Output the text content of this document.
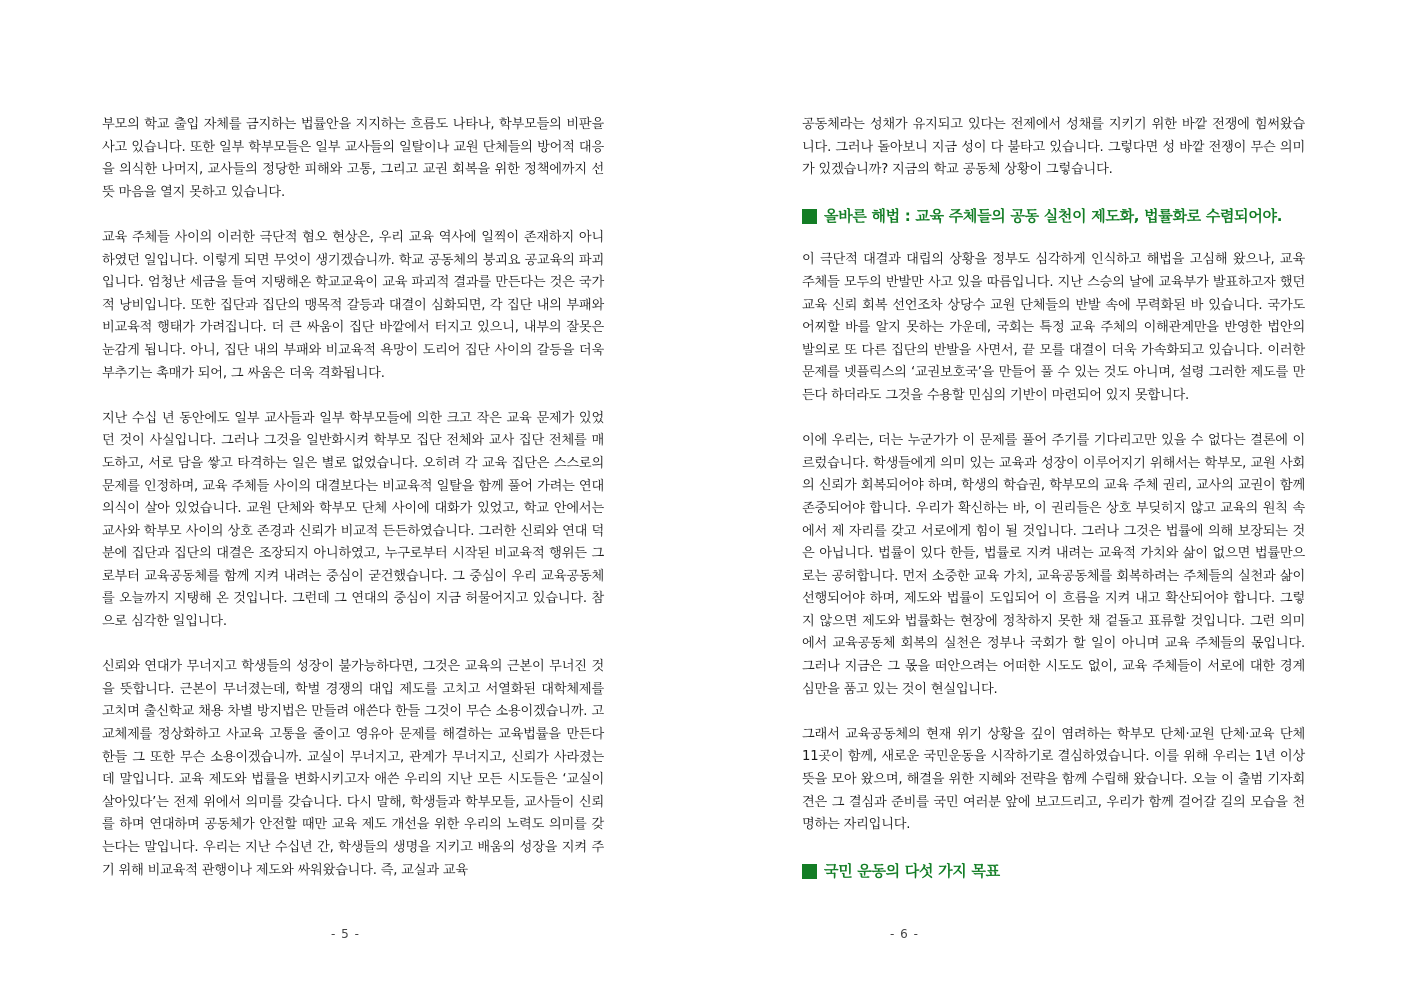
부모의 학교 출입 자체를 금지하는 법률안을 지지하는 흐름도 나타나, 학부모들의 비판을 사고 있습니다. 또한 일부 학부모들은 일부 교사들의 일탈이나 교원 단체들의 방어적 대응을 의식한 나머지, 교사들의 정당한 피해와 고통, 그리고 교권 회복을 위한 정책에까지 선뜻 마음을 열지 못하고 있습니다.

교육 주체들 사이의 이러한 극단적 혐오 현상은, 우리 교육 역사에 일찍이 존재하지 아니하였던 일입니다. 이렇게 되면 무엇이 생기겠습니까. 학교 공동체의 붕괴요 공교육의 파괴입니다. 엄청난 세금을 들여 지탱해온 학교교육이 교육 파괴적 결과를 만든다는 것은 국가적 낭비입니다. 또한 집단과 집단의 맹목적 갈등과 대결이 심화되면, 각 집단 내의 부패와 비교육적 행태가 가려집니다. 더 큰 싸움이 집단 바깥에서 터지고 있으니, 내부의 잘못은 눈감게 됩니다. 아니, 집단 내의 부패와 비교육적 욕망이 도리어 집단 사이의 갈등을 더욱 부추기는 촉매가 되어, 그 싸움은 더욱 격화됩니다.

지난 수십 년 동안에도 일부 교사들과 일부 학부모들에 의한 크고 작은 교육 문제가 있었던 것이 사실입니다. 그러나 그것을 일반화시켜 학부모 집단 전체와 교사 집단 전체를 매도하고, 서로 담을 쌓고 타격하는 일은 별로 없었습니다. 오히려 각 교육 집단은 스스로의 문제를 인정하며, 교육 주체들 사이의 대결보다는 비교육적 일탈을 함께 풀어 가려는 연대 의식이 살아 있었습니다. 교원 단체와 학부모 단체 사이에 대화가 있었고, 학교 안에서는 교사와 학부모 사이의 상호 존경과 신뢰가 비교적 든든하였습니다. 그러한 신뢰와 연대 덕분에 집단과 집단의 대결은 조장되지 아니하였고, 누구로부터 시작된 비교육적 행위든 그로부터 교육공동체를 함께 지켜 내려는 중심이 굳건했습니다. 그 중심이 우리 교육공동체를 오늘까지 지탱해 온 것입니다. 그런데 그 연대의 중심이 지금 허물어지고 있습니다. 참으로 심각한 일입니다.

신뢰와 연대가 무너지고 학생들의 성장이 불가능하다면, 그것은 교육의 근본이 무너진 것을 뜻합니다. 근본이 무너졌는데, 학벌 경쟁의 대입 제도를 고치고 서열화된 대학체제를 고치며 출신학교 채용 차별 방지법은 만들려 애쓴다 한들 그것이 무슨 소용이겠습니까. 고교체제를 정상화하고 사교육 고통을 줄이고 영유아 문제를 해결하는 교육법률을 만든다 한들 그 또한 무슨 소용이겠습니까. 교실이 무너지고, 관계가 무너지고, 신뢰가 사라졌는데 말입니다. 교육 제도와 법률을 변화시키고자 애쓴 우리의 지난 모든 시도들은 ‘교실이 살아있다’는 전제 위에서 의미를 갖습니다. 다시 말해, 학생들과 학부모들, 교사들이 신뢰를 하며 연대하며 공동체가 안전할 때만 교육 제도 개선을 위한 우리의 노력도 의미를 갖는다는 말입니다. 우리는 지난 수십년 간, 학생들의 생명을 지키고 배움의 성장을 지켜 주기 위해 비교육적 관행이나 제도와 싸워왔습니다. 즉, 교실과 교육

- 5 -

공동체라는 성채가 유지되고 있다는 전제에서 성채를 지키기 위한 바깥 전쟁에 힘써왔습니다. 그러나 돌아보니 지금 성이 다 불타고 있습니다. 그렇다면 성 바깥 전쟁이 무슨 의미가 있겠습니까? 지금의 학교 공동체 상황이 그렇습니다.

올바른 해법 : 교육 주체들의 공동 실천이 제도화, 법률화로 수렴되어야.

이 극단적 대결과 대립의 상황을 정부도 심각하게 인식하고 해법을 고심해 왔으나, 교육 주체들 모두의 반발만 사고 있을 따름입니다. 지난 스승의 날에 교육부가 발표하고자 했던 교육 신뢰 회복 선언조차 상당수 교원 단체들의 반발 속에 무력화된 바 있습니다. 국가도 어찌할 바를 알지 못하는 가운데, 국회는 특정 교육 주체의 이해관계만을 반영한 법안의 발의로 또 다른 집단의 반발을 사면서, 끝 모를 대결이 더욱 가속화되고 있습니다. 이러한 문제를 넷플릭스의 ‘교권보호국’을 만들어 풀 수 있는 것도 아니며, 설령 그러한 제도를 만든다 하더라도 그것을 수용할 민심의 기반이 마련되어 있지 못합니다.

이에 우리는, 더는 누군가가 이 문제를 풀어 주기를 기다리고만 있을 수 없다는 결론에 이르렀습니다. 학생들에게 의미 있는 교육과 성장이 이루어지기 위해서는 학부모, 교원 사회의 신뢰가 회복되어야 하며, 학생의 학습권, 학부모의 교육 주체 권리, 교사의 교권이 함께 존중되어야 합니다. 우리가 확신하는 바, 이 권리들은 상호 부딪히지 않고 교육의 원칙 속에서 제 자리를 갖고 서로에게 힘이 될 것입니다. 그러나 그것은 법률에 의해 보장되는 것은 아닙니다. 법률이 있다 한들, 법률로 지켜 내려는 교육적 가치와 삶이 없으면 법률만으로는 공허합니다. 먼저 소중한 교육 가치, 교육공동체를 회복하려는 주체들의 실천과 삶이 선행되어야 하며, 제도와 법률이 도입되어 이 흐름을 지켜 내고 확산되어야 합니다. 그렇지 않으면 제도와 법률화는 현장에 정착하지 못한 채 겉돌고 표류할 것입니다. 그런 의미에서 교육공동체 회복의 실천은 정부나 국회가 할 일이 아니며 교육 주체들의 몫입니다. 그러나 지금은 그 몫을 떠안으려는 어떠한 시도도 없이, 교육 주체들이 서로에 대한 경계심만을 품고 있는 것이 현실입니다.

그래서 교육공동체의 현재 위기 상황을 깊이 염려하는 학부모 단체·교원 단체·교육 단체 11곳이 함께, 새로운 국민운동을 시작하기로 결심하였습니다. 이를 위해 우리는 1년 이상 뜻을 모아 왔으며, 해결을 위한 지혜와 전략을 함께 수립해 왔습니다. 오늘 이 출범 기자회견은 그 결심과 준비를 국민 여러분 앞에 보고드리고, 우리가 함께 걸어갈 길의 모습을 천명하는 자리입니다.

국민 운동의 다섯 가지 목표
- 6 -
